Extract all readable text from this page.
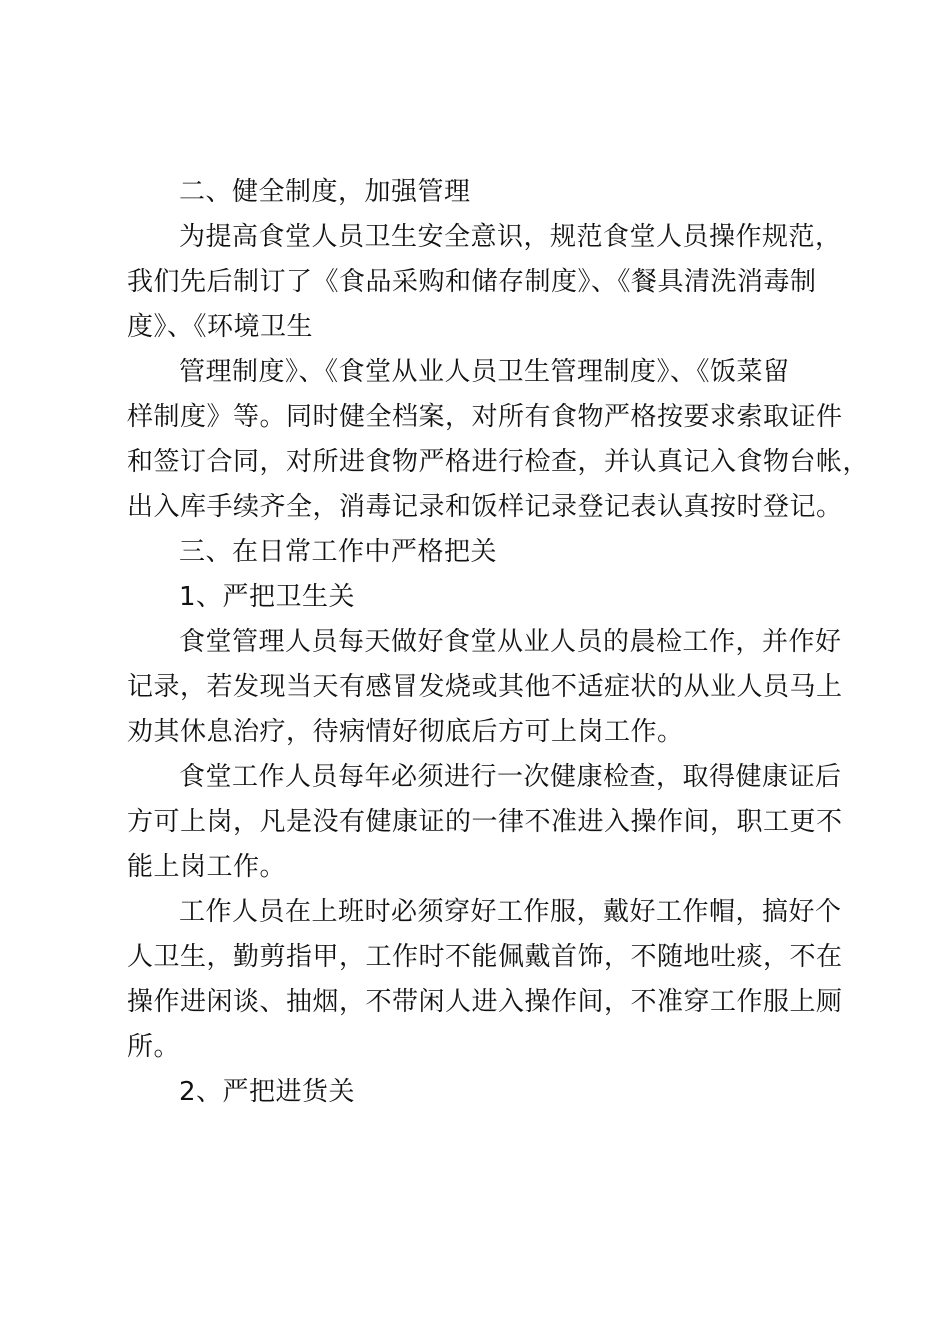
二、健全制度，加强管理
为提高食堂人员卫生安全意识，规范食堂人员操作规范，
我们先后制订了《食品采购和储存制度》、《餐具清洗消毒制
度》、《环境卫生
管理制度》、《食堂从业人员卫生管理制度》、《饭菜留
样制度》等。同时健全档案，对所有食物严格按要求索取证件
和签订合同，对所进食物严格进行检查，并认真记入食物台帐，
出入库手续齐全，消毒记录和饭样记录登记表认真按时登记。
三、在日常工作中严格把关
1、严把卫生关
食堂管理人员每天做好食堂从业人员的晨检工作，并作好
记录，若发现当天有感冒发烧或其他不适症状的从业人员马上
劝其休息治疗，待病情好彻底后方可上岗工作。
食堂工作人员每年必须进行一次健康检查，取得健康证后
方可上岗，凡是没有健康证的一律不准进入操作间，职工更不
能上岗工作。
工作人员在上班时必须穿好工作服，戴好工作帽，搞好个
人卫生，勤剪指甲，工作时不能佩戴首饰，不随地吐痰，不在
操作进闲谈、抽烟，不带闲人进入操作间，不准穿工作服上厕
所。
2、严把进货关
